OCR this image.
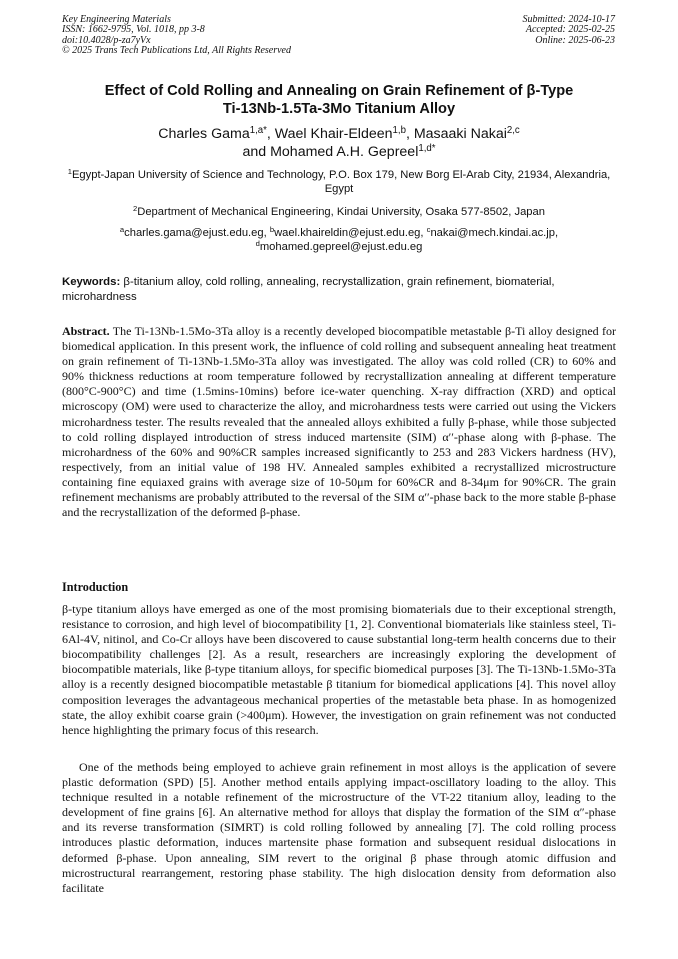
Key Engineering Materials
ISSN: 1662-9795, Vol. 1018, pp 3-8
doi:10.4028/p-za7yVx
© 2025 Trans Tech Publications Ltd, All Rights Reserved
Submitted: 2024-10-17
Accepted: 2025-02-25
Online: 2025-06-23
Effect of Cold Rolling and Annealing on Grain Refinement of β-Type
Ti-13Nb-1.5Ta-3Mo Titanium Alloy
Charles Gama$^{1,a*}$, Wael Khair-Eldeen$^{1,b}$, Masaaki Nakai$^{2,c}$
and Mohamed A.H. Gepreel$^{1,d*}$
$^1$Egypt-Japan University of Science and Technology, P.O. Box 179, New Borg El-Arab City, 21934, Alexandria, Egypt
$^2$Department of Mechanical Engineering, Kindai University, Osaka 577-8502, Japan
$^a$charles.gama@ejust.edu.eg, $^b$wael.khaireldin@ejust.edu.eg, $^c$nakai@mech.kindai.ac.jp,
$^d$mohamed.gepreel@ejust.edu.eg
Keywords: β-titanium alloy, cold rolling, annealing, recrystallization, grain refinement, biomaterial, microhardness

Abstract. The Ti-13Nb-1.5Mo-3Ta alloy is a recently developed biocompatible metastable β-Ti alloy designed for biomedical application. In this present work, the influence of cold rolling and subsequent annealing heat treatment on grain refinement of Ti-13Nb-1.5Mo-3Ta alloy was investigated. The alloy was cold rolled (CR) to 60% and 90% thickness reductions at room temperature followed by recrystallization annealing at different temperature (800°C-900°C) and time (1.5mins-10mins) before ice-water quenching. X-ray diffraction (XRD) and optical microscopy (OM) were used to characterize the alloy, and microhardness tests were carried out using the Vickers microhardness tester. The results revealed that the annealed alloys exhibited a fully β-phase, while those subjected to cold rolling displayed introduction of stress induced martensite (SIM) α′′-phase along with β-phase. The microhardness of the 60% and 90%CR samples increased significantly to 253 and 283 Vickers hardness (HV), respectively, from an initial value of 198 HV. Annealed samples exhibited a recrystallized microstructure containing fine equiaxed grains with average size of 10-50μm for 60%CR and 8-34μm for 90%CR. The grain refinement mechanisms are probably attributed to the reversal of the SIM α′′-phase back to the more stable β-phase and the recrystallization of the deformed β-phase.

Introduction

β-type titanium alloys have emerged as one of the most promising biomaterials due to their exceptional strength, resistance to corrosion, and high level of biocompatibility [1, 2]. Conventional biomaterials like stainless steel, Ti-6Al-4V, nitinol, and Co-Cr alloys have been discovered to cause substantial long-term health concerns due to their biocompatibility challenges [2]. As a result, researchers are increasingly exploring the development of biocompatible materials, like β-type titanium alloys, for specific biomedical purposes [3]. The Ti-13Nb-1.5Mo-3Ta alloy is a recently designed biocompatible metastable β titanium for biomedical applications [4]. This novel alloy composition leverages the advantageous mechanical properties of the metastable beta phase. In as homogenized state, the alloy exhibit coarse grain (>400μm). However, the investigation on grain refinement was not conducted hence highlighting the primary focus of this research.

One of the methods being employed to achieve grain refinement in most alloys is the application of severe plastic deformation (SPD) [5]. Another method entails applying impact-oscillatory loading to the alloy. This technique resulted in a notable refinement of the microstructure of the VT-22 titanium alloy, leading to the development of fine grains [6]. An alternative method for alloys that display the formation of the SIM α″-phase and its reverse transformation (SIMRT) is cold rolling followed by annealing [7]. The cold rolling process introduces plastic deformation, induces martensite phase formation and subsequent residual dislocations in deformed β-phase. Upon annealing, SIM revert to the original β phase through atomic diffusion and microstructural rearrangement, restoring phase stability. The high dislocation density from deformation also facilitate
